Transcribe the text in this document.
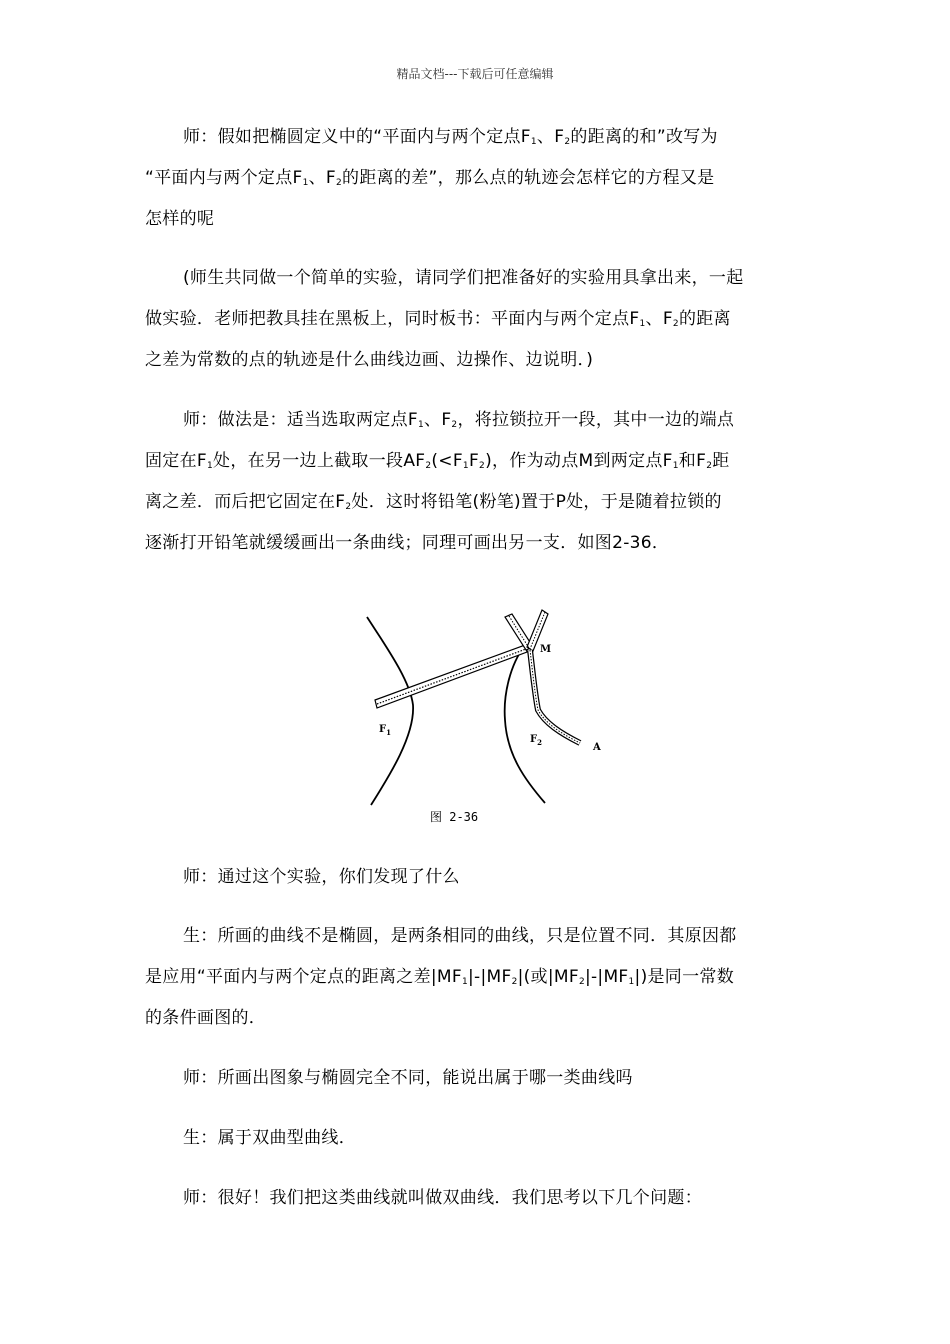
精品文档---下载后可任意编辑
师：假如把椭圆定义中的“平面内与两个定点$F_1$、$F_2$的距离的和”改写为
“平面内与两个定点$F_1$、$F_2$的距离的差”，那么点的轨迹会怎样它的方程又是
怎样的呢
(师生共同做一个简单的实验，请同学们把准备好的实验用具拿出来，一起
做实验．老师把教具挂在黑板上，同时板书：平面内与两个定点$F_1$、$F_2$的距离
之差为常数的点的轨迹是什么曲线边画、边操作、边说明．)
师：做法是：适当选取两定点$F_1$、$F_2$，将拉锁拉开一段，其中一边的端点
固定在$F_1$处，在另一边上截取一段$AF_2(<F_1F_2)$，作为动点M到两定点$F_1$和$F_2$距
离之差．而后把它固定在$F_2$处．这时将铅笔(粉笔)置于P处，于是随着拉锁的
逐渐打开铅笔就缓缓画出一条曲线；同理可画出另一支．如图2-36．
$F_1$
$F_2$
M
A
图 2-36
师：通过这个实验，你们发现了什么
生：所画的曲线不是椭圆，是两条相同的曲线，只是位置不同．其原因都
是应用“平面内与两个定点的距离之差$|MF_1|-|MF_2|$(或$|MF_2|-|MF_1|$)是同一常数
的条件画图的．
师：所画出图象与椭圆完全不同，能说出属于哪一类曲线吗
生：属于双曲型曲线．
师：很好！我们把这类曲线就叫做双曲线．我们思考以下几个问题：
